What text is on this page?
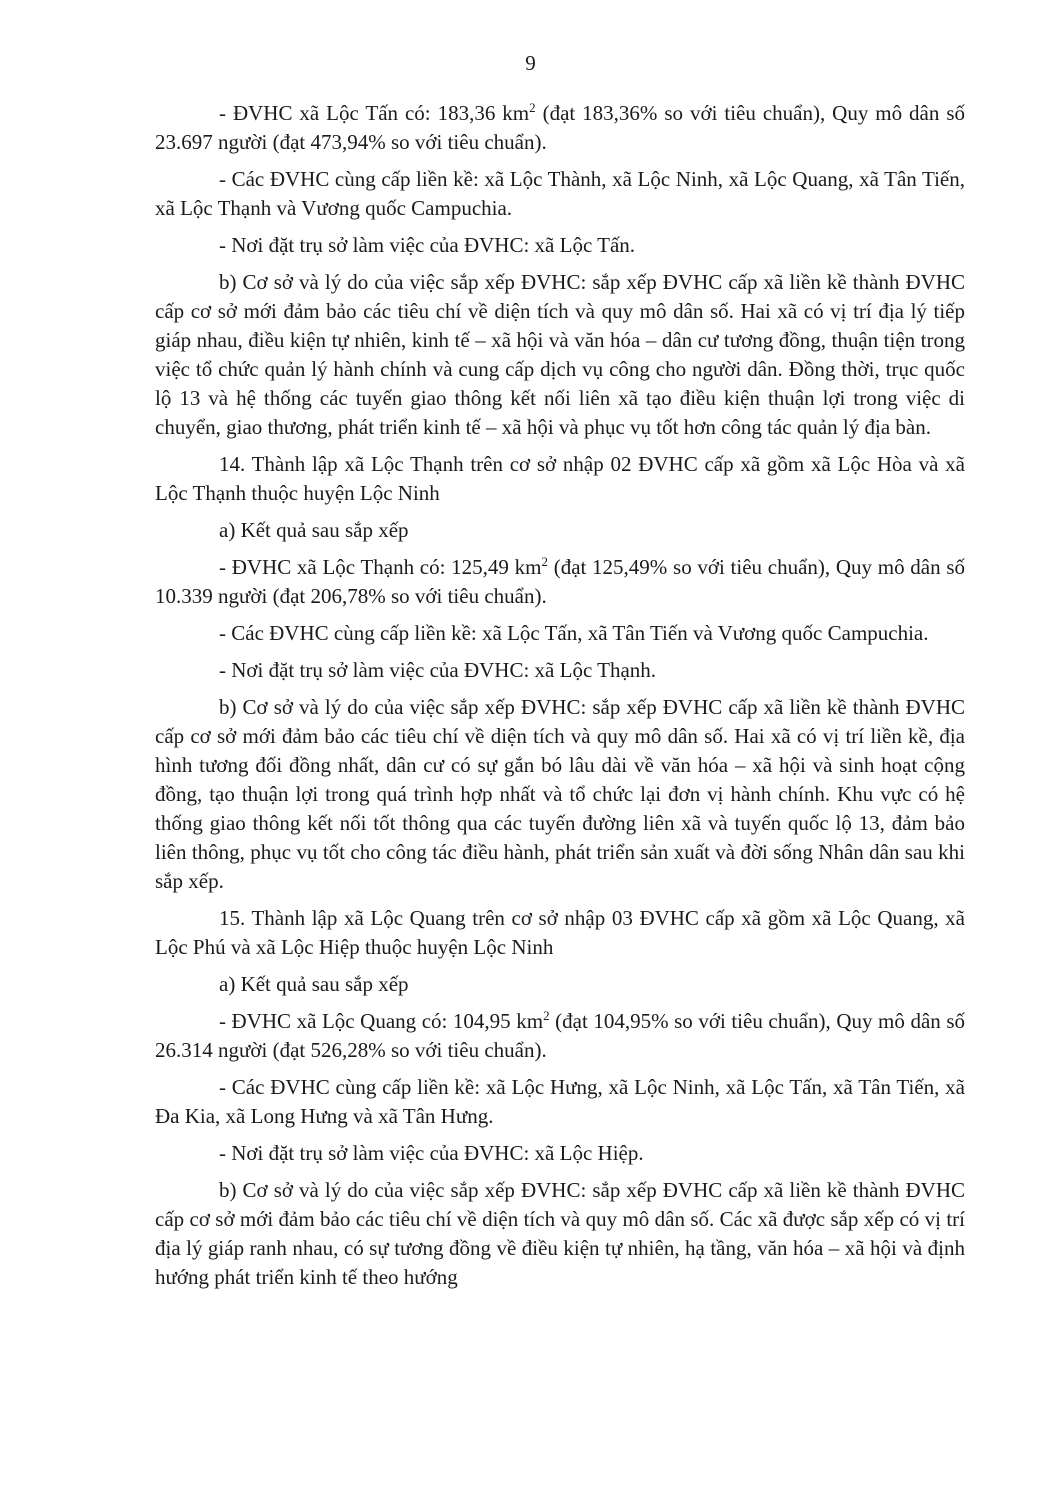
9

- ĐVHC xã Lộc Tấn có: 183,36 $km^2$ (đạt 183,36% so với tiêu chuẩn), Quy mô dân số 23.697 người (đạt 473,94% so với tiêu chuẩn).

- Các ĐVHC cùng cấp liền kề: xã Lộc Thành, xã Lộc Ninh, xã Lộc Quang, xã Tân Tiến, xã Lộc Thạnh và Vương quốc Campuchia.

- Nơi đặt trụ sở làm việc của ĐVHC: xã Lộc Tấn.

b) Cơ sở và lý do của việc sắp xếp ĐVHC: sắp xếp ĐVHC cấp xã liền kề thành ĐVHC cấp cơ sở mới đảm bảo các tiêu chí về diện tích và quy mô dân số. Hai xã có vị trí địa lý tiếp giáp nhau, điều kiện tự nhiên, kinh tế – xã hội và văn hóa – dân cư tương đồng, thuận tiện trong việc tổ chức quản lý hành chính và cung cấp dịch vụ công cho người dân. Đồng thời, trục quốc lộ 13 và hệ thống các tuyến giao thông kết nối liên xã tạo điều kiện thuận lợi trong việc di chuyển, giao thương, phát triển kinh tế – xã hội và phục vụ tốt hơn công tác quản lý địa bàn.

14. Thành lập xã Lộc Thạnh trên cơ sở nhập 02 ĐVHC cấp xã gồm xã Lộc Hòa và xã Lộc Thạnh thuộc huyện Lộc Ninh

a) Kết quả sau sắp xếp

- ĐVHC xã Lộc Thạnh có: 125,49 $km^2$ (đạt 125,49% so với tiêu chuẩn), Quy mô dân số 10.339 người (đạt 206,78% so với tiêu chuẩn).

- Các ĐVHC cùng cấp liền kề: xã Lộc Tấn, xã Tân Tiến và Vương quốc Campuchia.

- Nơi đặt trụ sở làm việc của ĐVHC: xã Lộc Thạnh.

b) Cơ sở và lý do của việc sắp xếp ĐVHC: sắp xếp ĐVHC cấp xã liền kề thành ĐVHC cấp cơ sở mới đảm bảo các tiêu chí về diện tích và quy mô dân số. Hai xã có vị trí liền kề, địa hình tương đối đồng nhất, dân cư có sự gắn bó lâu dài về văn hóa – xã hội và sinh hoạt cộng đồng, tạo thuận lợi trong quá trình hợp nhất và tổ chức lại đơn vị hành chính. Khu vực có hệ thống giao thông kết nối tốt thông qua các tuyến đường liên xã và tuyến quốc lộ 13, đảm bảo liên thông, phục vụ tốt cho công tác điều hành, phát triển sản xuất và đời sống Nhân dân sau khi sắp xếp.

15. Thành lập xã Lộc Quang trên cơ sở nhập 03 ĐVHC cấp xã gồm xã Lộc Quang, xã Lộc Phú và xã Lộc Hiệp thuộc huyện Lộc Ninh

a) Kết quả sau sắp xếp

- ĐVHC xã Lộc Quang có: 104,95 $km^2$ (đạt 104,95% so với tiêu chuẩn), Quy mô dân số 26.314 người (đạt 526,28% so với tiêu chuẩn).

- Các ĐVHC cùng cấp liền kề: xã Lộc Hưng, xã Lộc Ninh, xã Lộc Tấn, xã Tân Tiến, xã Đa Kia, xã Long Hưng và xã Tân Hưng.

- Nơi đặt trụ sở làm việc của ĐVHC: xã Lộc Hiệp.

b) Cơ sở và lý do của việc sắp xếp ĐVHC: sắp xếp ĐVHC cấp xã liền kề thành ĐVHC cấp cơ sở mới đảm bảo các tiêu chí về diện tích và quy mô dân số. Các xã được sắp xếp có vị trí địa lý giáp ranh nhau, có sự tương đồng về điều kiện tự nhiên, hạ tầng, văn hóa – xã hội và định hướng phát triển kinh tế theo hướng
